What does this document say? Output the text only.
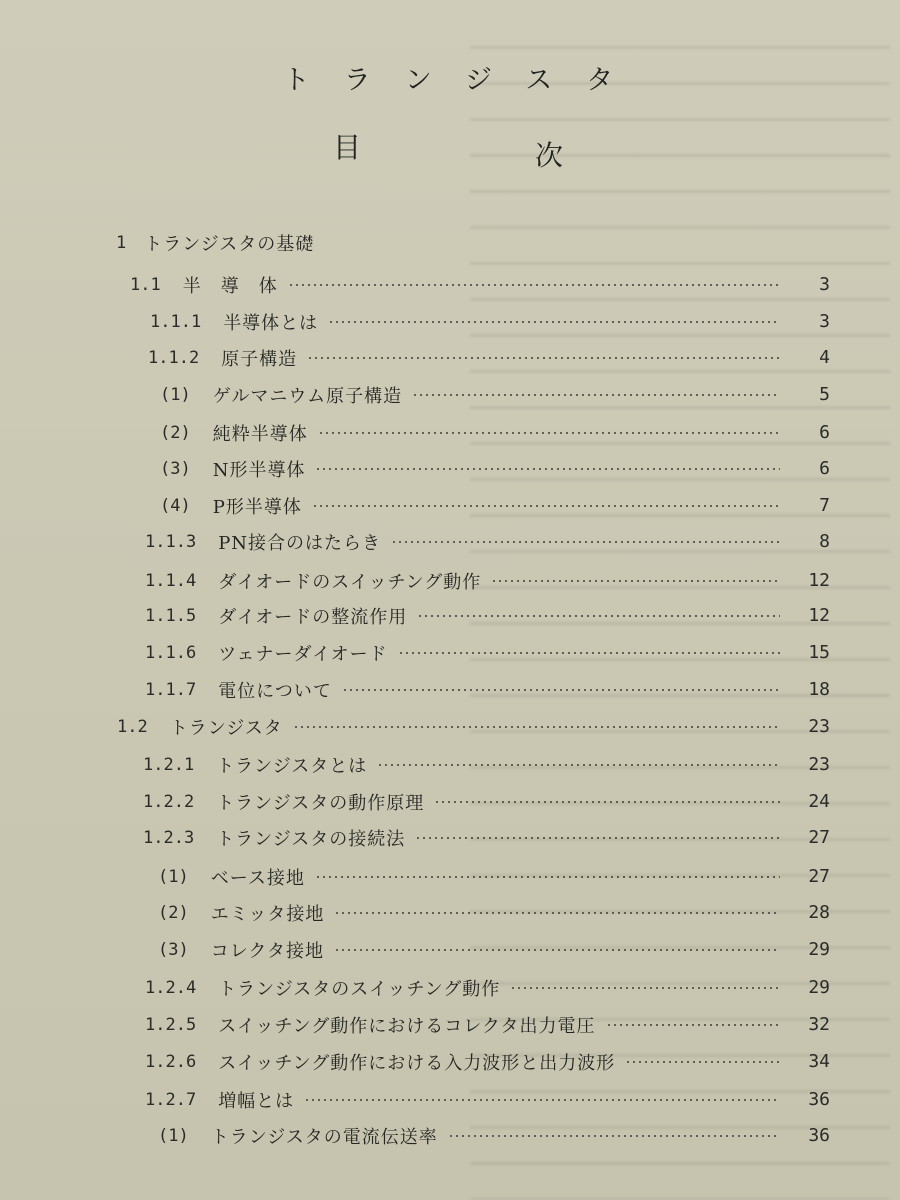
トランジスタ
目	次
1 トランジスタの基礎
1.1 半　導　体	3
1.1.1 半導体とは	3
1.1.2 原子構造	4
(1) ゲルマニウム原子構造	5
(2) 純粋半導体	6
(3) N形半導体	6
(4) P形半導体	7
1.1.3 PN接合のはたらき	8
1.1.4 ダイオードのスイッチング動作	12
1.1.5 ダイオードの整流作用	12
1.1.6 ツェナーダイオード	15
1.1.7 電位について	18
1.2 トランジスタ	23
1.2.1 トランジスタとは	23
1.2.2 トランジスタの動作原理	24
1.2.3 トランジスタの接続法	27
(1) ベース接地	27
(2) エミッタ接地	28
(3) コレクタ接地	29
1.2.4 トランジスタのスイッチング動作	29
1.2.5 スイッチング動作におけるコレクタ出力電圧	32
1.2.6 スイッチング動作における入力波形と出力波形	34
1.2.7 増幅とは	36
(1) トランジスタの電流伝送率	36
